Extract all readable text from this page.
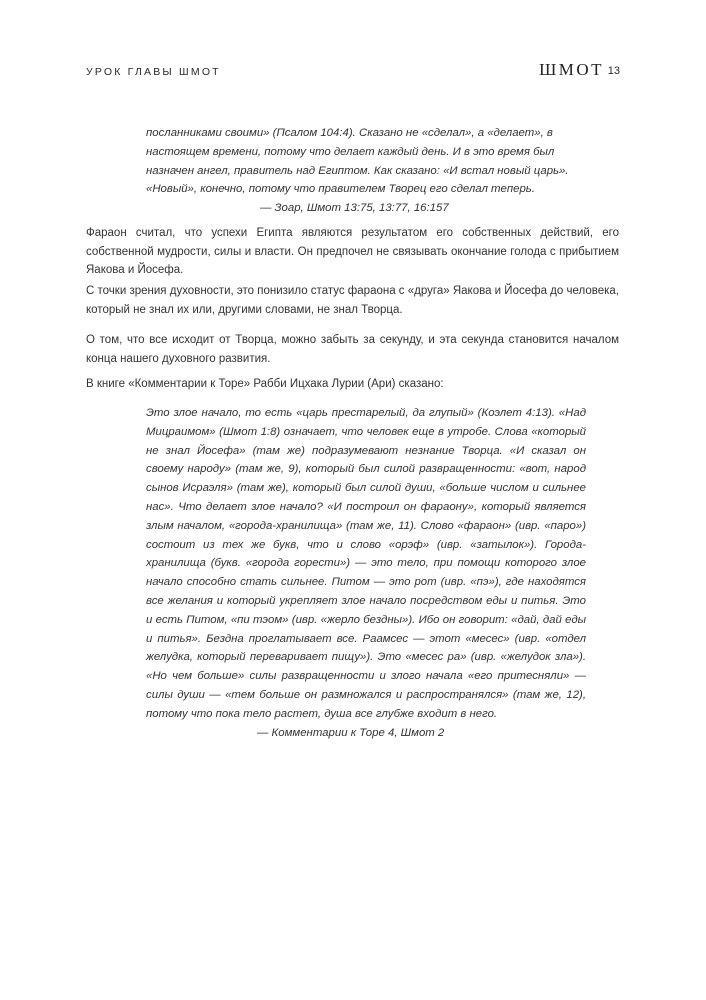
УРОК ГЛАВЫ ШМОТ	ШМОТ 13

посланниками своими» (Псалом 104:4). Сказано не «сделал», а «делает», в настоящем времени, потому что делает каждый день. И в это время был назначен ангел, правитель над Египтом. Как сказано: «И встал новый царь». «Новый», конечно, потому что правителем Творец его сделал теперь.

— Зоар, Шмот 13:75, 13:77, 16:157

Фараон считал, что успехи Египта являются результатом его собственных действий, его собственной мудрости, силы и власти. Он предпочел не связывать окончание голода с прибытием Яакова и Йосефа.

С точки зрения духовности, это понизило статус фараона с «друга» Яакова и Йосефа до человека, который не знал их или, другими словами, не знал Творца.

О том, что все исходит от Творца, можно забыть за секунду, и эта секунда становится началом конца нашего духовного развития.

В книге «Комментарии к Торе» Рабби Ицхака Лурии (Ари) сказано:

Это злое начало, то есть «царь престарелый, да глупый» (Коэлет 4:13). «Над Мицраимом» (Шмот 1:8) означает, что человек еще в утробе. Слова «который не знал Йосефа» (там же) подразумевают незнание Творца. «И сказал он своему народу» (там же, 9), который был силой развращенности: «вот, народ сынов Исраэля» (там же), который был силой души, «больше числом и сильнее нас». Что делает злое начало? «И построил он фараону», который является злым началом, «города-хранилища» (там же, 11). Слово «фараон» (ивр. «паро») состоит из тех же букв, что и слово «орэф» (ивр. «затылок»). Города-хранилища (букв. «города горести») — это тело, при помощи которого злое начало способно стать сильнее. Питом — это рот (ивр. «пэ»), где находятся все желания и который укрепляет злое начало посредством еды и питья. Это и есть Питом, «пи тэом» (ивр. «жерло бездны»). Ибо он говорит: «дай, дай еды и питья». Бездна проглатывает все. Раамсес — этот «месес» (ивр. «отдел желудка, который переваривает пищу»). Это «месес ра» (ивр. «желудок зла»). «Но чем больше» силы развращенности и злого начала «его притесняли» — силы души — «тем больше он размножался и распространялся» (там же, 12), потому что пока тело растет, душа все глубже входит в него.

— Комментарии к Торе 4, Шмот 2
